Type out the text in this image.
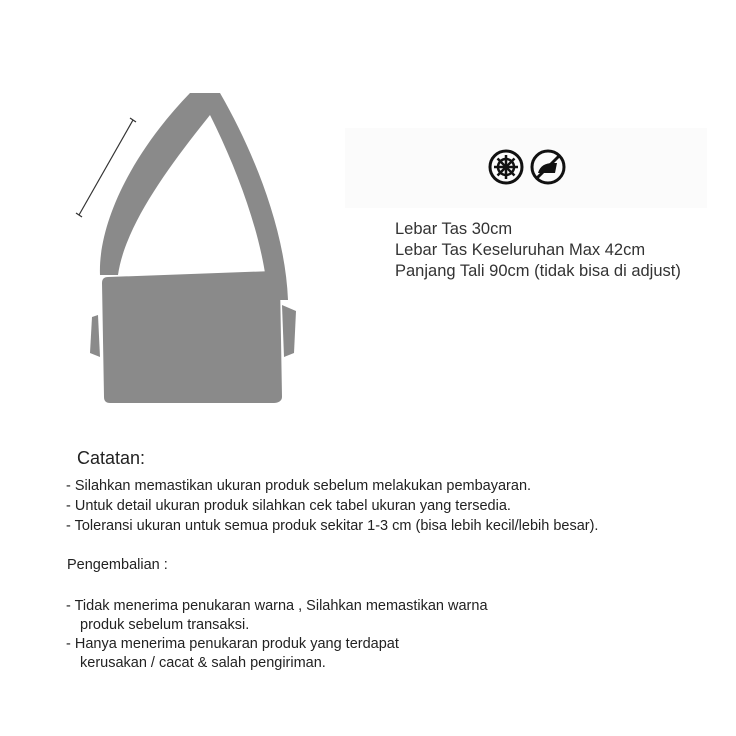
Lebar Tas 30cm
Lebar Tas Keseluruhan Max 42cm
Panjang Tali 90cm (tidak bisa di adjust)
Catatan:
- Silahkan memastikan ukuran produk sebelum melakukan pembayaran.
- Untuk detail ukuran produk silahkan cek tabel ukuran yang tersedia.
- Toleransi ukuran untuk semua produk sekitar 1-3 cm (bisa lebih kecil/lebih besar).
Pengembalian :
- Tidak menerima penukaran warna , Silahkan memastikan warna
produk sebelum transaksi.
- Hanya menerima penukaran produk yang terdapat
kerusakan / cacat & salah pengiriman.
